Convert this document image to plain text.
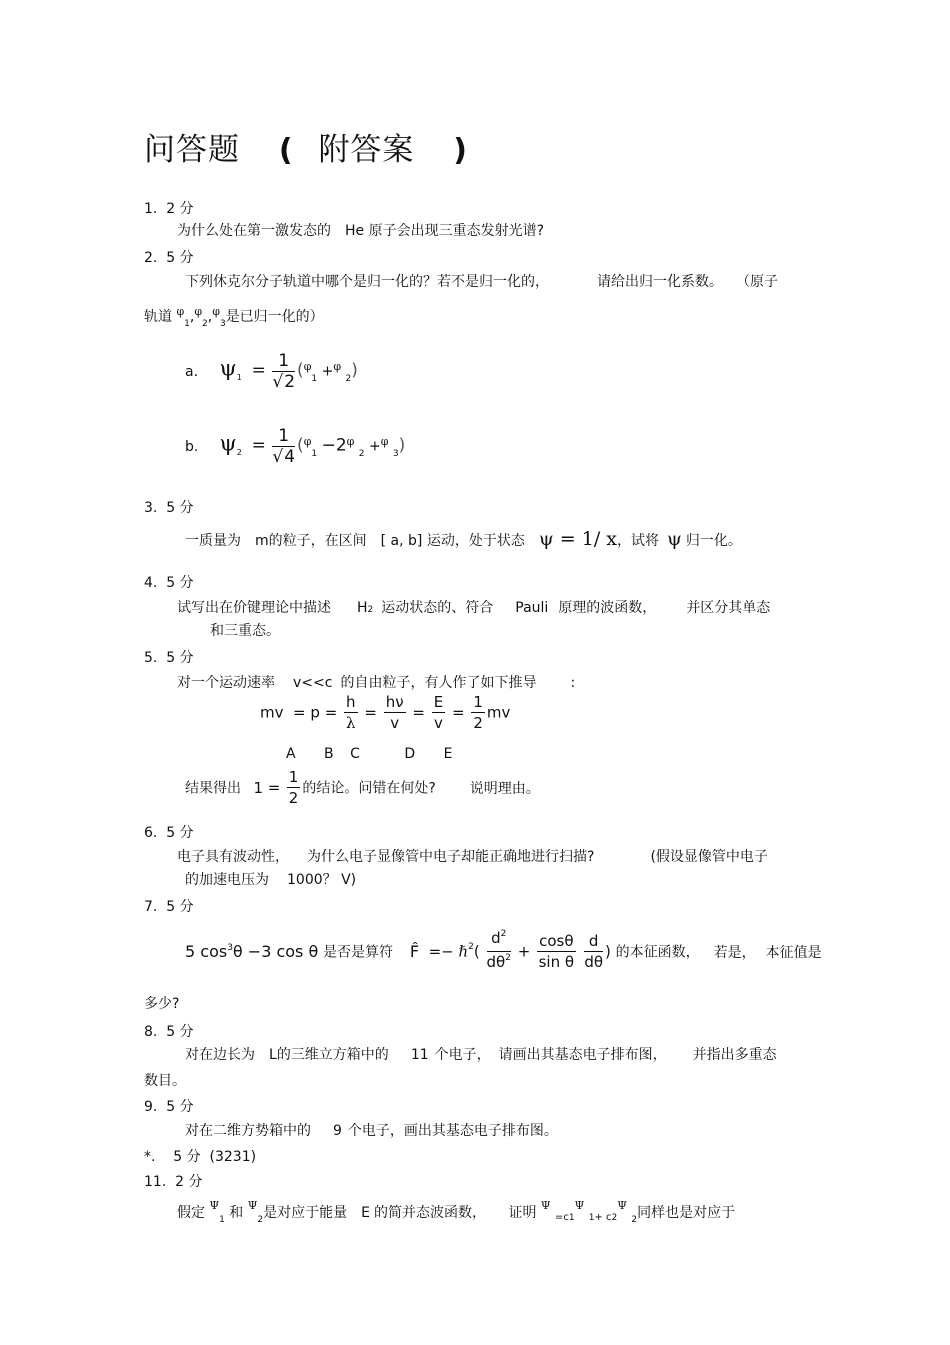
问答题 ( 附答案 )
1. 2 分
为什么处在第一激发态的　He 原子会出现三重态发射光谱?
2. 5 分
下列休克尔分子轨道中哪个是归一化的？若不是归一化的，	请给出归一化系数。 （原子
轨道 $^\varphi_1$,$^\varphi_2$,$^\varphi_3$是已归一化的）
a. $\psi_1 = \frac{1}{√2} (^\varphi_1 +^\varphi$ $_2$)
b. $\psi_2 = \frac{1}{√4} (^\varphi_1 -2^\varphi$ $_2$ +$^\varphi$ $_3$)
3. 5 分
一质量为 m的粒子，在区间 [ a, b] 运动，处于状态 ψ = 1/ x，试将 ψ 归一化。
4. 5 分
试写出在价键理论中描述 H2 运动状态的、符合 Pauli 原理的波函数， 并区分其单态
和三重态。
5. 5 分
对一个运动速率 v<<c 的自由粒子，有人作了如下推导 :
mv  = $p = \frac{h}{\lambda} = \frac{h\nu}{v} = \frac{E}{v} = \frac{1}{2}$ mv
A B C	D E
结果得出 $1 = \frac{1}{2}$ 的结论。问错在何处? 说明理由。
6. 5 分
电子具有波动性， 为什么电子显像管中电子却能正确地进行扫描?	(假设显像管中电子
的加速电压为 1000？ V)
7. 5 分
5 $\cos^3\theta -3$ cos θ 是否是算符 F̂  =− ℏ$^2$( $\frac{d^2}{d\theta^2} + \frac{\cos\theta}{\text{sin θ}}$
$\frac{d}{d\theta}$ ) 的本征函数， 若是， 本征值是
多少?
8. 5 分
对在边长为 L的三维立方箱中的 11 个电子， 请画出其基态电子排布图， 并指出多重态
数目。
9. 5 分
对在二维方势箱中的 9 个电子，画出其基态电子排布图。
*. 5 分 (3231)
11. 2 分
假定 $^\Psi_1$ 和 $^\Psi_2$是对应于能量 E 的简并态波函数， 证明 $^\Psi$ $_{=c1}^\Psi$ $_{1+ c2}^\Psi$ $_2$同样也是对应于
